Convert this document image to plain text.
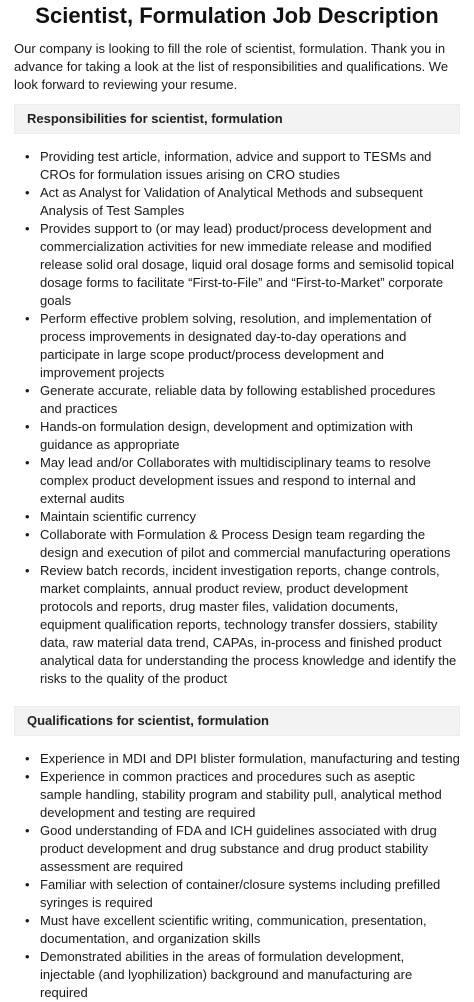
Scientist, Formulation Job Description

Our company is looking to fill the role of scientist, formulation. Thank you in advance for taking a look at the list of responsibilities and qualifications. We look forward to reviewing your resume.

Responsibilities for scientist, formulation
• Providing test article, information, advice and support to TESMs and CROs for formulation issues arising on CRO studies
• Act as Analyst for Validation of Analytical Methods and subsequent Analysis of Test Samples
• Provides support to (or may lead) product/process development and commercialization activities for new immediate release and modified release solid oral dosage, liquid oral dosage forms and semisolid topical dosage forms to facilitate “First-to-File” and “First-to-Market” corporate goals
• Perform effective problem solving, resolution, and implementation of process improvements in designated day-to-day operations and participate in large scope product/process development and improvement projects
• Generate accurate, reliable data by following established procedures and practices
• Hands-on formulation design, development and optimization with guidance as appropriate
• May lead and/or Collaborates with multidisciplinary teams to resolve complex product development issues and respond to internal and external audits
• Maintain scientific currency
• Collaborate with Formulation & Process Design team regarding the design and execution of pilot and commercial manufacturing operations
• Review batch records, incident investigation reports, change controls, market complaints, annual product review, product development protocols and reports, drug master files, validation documents, equipment qualification reports, technology transfer dossiers, stability data, raw material data trend, CAPAs, in-process and finished product analytical data for understanding the process knowledge and identify the risks to the quality of the product
Qualifications for scientist, formulation
• Experience in MDI and DPI blister formulation, manufacturing and testing
• Experience in common practices and procedures such as aseptic sample handling, stability program and stability pull, analytical method development and testing are required
• Good understanding of FDA and ICH guidelines associated with drug product development and drug substance and drug product stability assessment are required
• Familiar with selection of container/closure systems including prefilled syringes is required
• Must have excellent scientific writing, communication, presentation, documentation, and organization skills
• Demonstrated abilities in the areas of formulation development, injectable (and lyophilization) background and manufacturing are required
